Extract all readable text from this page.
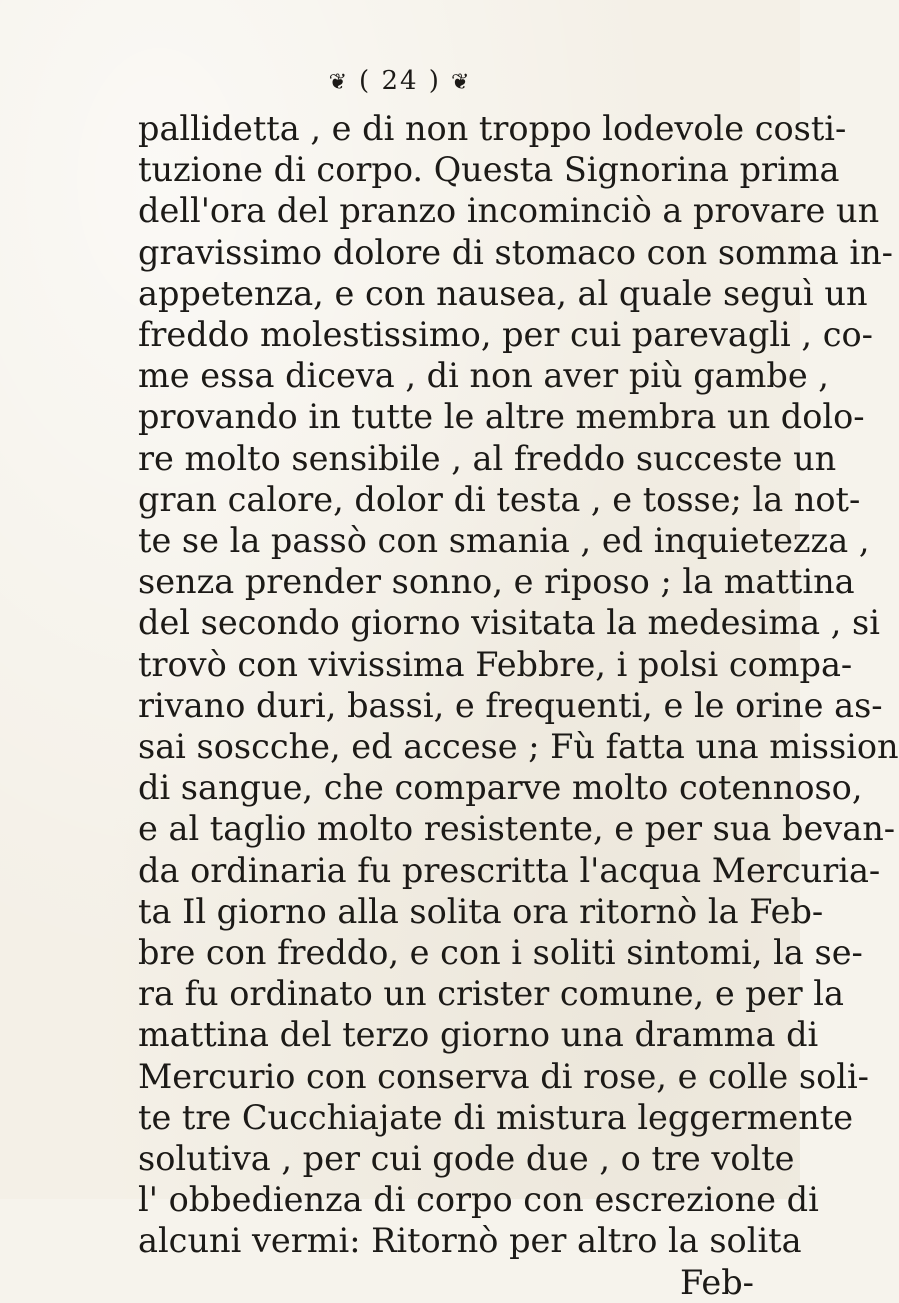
❦ ( 24 ) ❦
pallidetta , e di non troppo lodevole costi-
tuzione di corpo. Questa Signorina prima
dell'ora del pranzo incominciò a provare un
gravissimo dolore di stomaco con somma in-
appetenza, e con nausea, al quale seguì un
freddo molestissimo, per cui parevagli , co-
me essa diceva , di non aver più gambe ,
provando in tutte le altre membra un dolo-
re molto sensibile , al freddo succeste un
gran calore, dolor di testa , e tosse; la not-
te se la passò con smania , ed inquietezza ,
senza prender sonno, e riposo ; la mattina
del secondo giorno visitata la medesima , si
trovò con vivissima Febbre, i polsi compa-
rivano duri, bassi, e frequenti, e le orine as-
sai soscche, ed accese ; Fù fatta una mission
di sangue, che comparve molto cotennoso,
e al taglio molto resistente, e per sua bevan-
da ordinaria fu prescritta l'acqua Mercuria-
ta Il giorno alla solita ora ritornò la Feb-
bre con freddo, e con i soliti sintomi, la se-
ra fu ordinato un crister comune, e per la
mattina del terzo giorno una dramma di
Mercurio con conserva di rose, e colle soli-
te tre Cucchiajate di mistura leggermente
solutiva , per cui gode due , o tre volte
l' obbedienza di corpo con escrezione di
alcuni vermi: Ritornò per altro la solita
Feb-
